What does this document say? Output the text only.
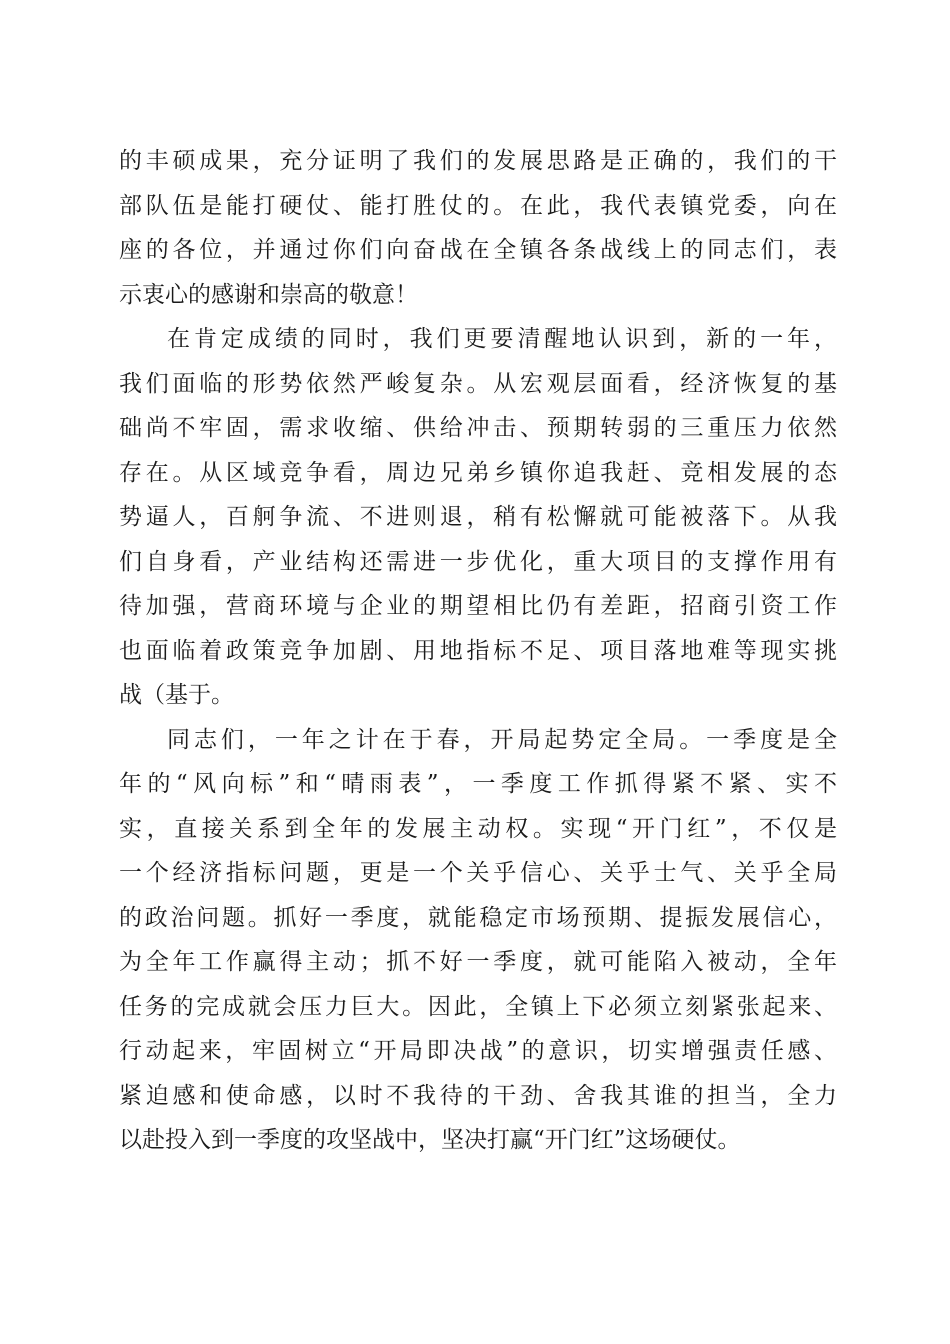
的丰硕成果，充分证明了我们的发展思路是正确的，我们的干
部队伍是能打硬仗、能打胜仗的。在此，我代表镇党委，向在
座的各位，并通过你们向奋战在全镇各条战线上的同志们，表
示衷心的感谢和崇高的敬意！
在肯定成绩的同时，我们更要清醒地认识到，新的一年，
我们面临的形势依然严峻复杂。从宏观层面看，经济恢复的基
础尚不牢固，需求收缩、供给冲击、预期转弱的三重压力依然
存在。从区域竞争看，周边兄弟乡镇你追我赶、竞相发展的态
势逼人，百舸争流、不进则退，稍有松懈就可能被落下。从我
们自身看，产业结构还需进一步优化，重大项目的支撑作用有
待加强，营商环境与企业的期望相比仍有差距，招商引资工作
也面临着政策竞争加剧、用地指标不足、项目落地难等现实挑
战（基于。
同志们，一年之计在于春，开局起势定全局。一季度是全
年的“风向标”和“晴雨表”，一季度工作抓得紧不紧、实不
实，直接关系到全年的发展主动权。实现“开门红”，不仅是
一个经济指标问题，更是一个关乎信心、关乎士气、关乎全局
的政治问题。抓好一季度，就能稳定市场预期、提振发展信心，
为全年工作赢得主动；抓不好一季度，就可能陷入被动，全年
任务的完成就会压力巨大。因此，全镇上下必须立刻紧张起来、
行动起来，牢固树立“开局即决战”的意识，切实增强责任感、
紧迫感和使命感，以时不我待的干劲、舍我其谁的担当，全力
以赴投入到一季度的攻坚战中，坚决打赢“开门红”这场硬仗。
